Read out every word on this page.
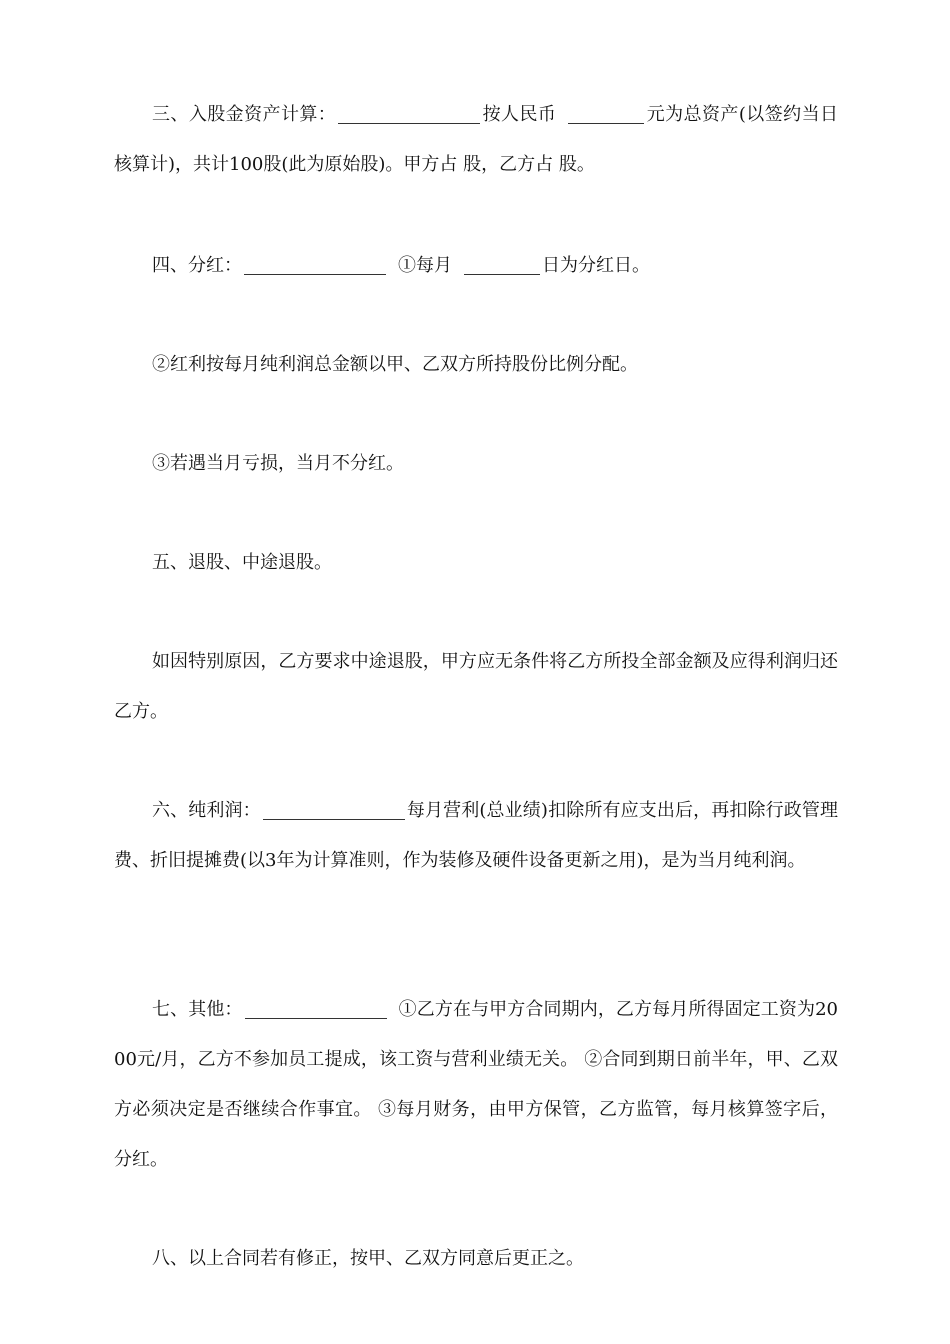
三、入股金资产计算：	按人民币	元为总资产(以签约当日核算计)，共计100股(此为原始股)。甲方占 股，乙方占 股。

四、分红：	①每月	日为分红日。

②红利按每月纯利润总金额以甲、乙双方所持股份比例分配。

③若遇当月亏损，当月不分红。

五、退股、中途退股。

如因特别原因，乙方要求中途退股，甲方应无条件将乙方所投全部金额及应得利润归还乙方。

六、纯利润：	每月营利(总业绩)扣除所有应支出后，再扣除行政管理费、折旧提摊费(以3年为计算准则，作为装修及硬件设备更新之用)，是为当月纯利润。

七、其他：	①乙方在与甲方合同期内，乙方每月所得固定工资为2000元/月，乙方不参加员工提成，该工资与营利业绩无关。 ②合同到期日前半年，甲、乙双方必须决定是否继续合作事宜。 ③每月财务，由甲方保管，乙方监管，每月核算签字后，分红。

八、以上合同若有修正，按甲、乙双方同意后更正之。
